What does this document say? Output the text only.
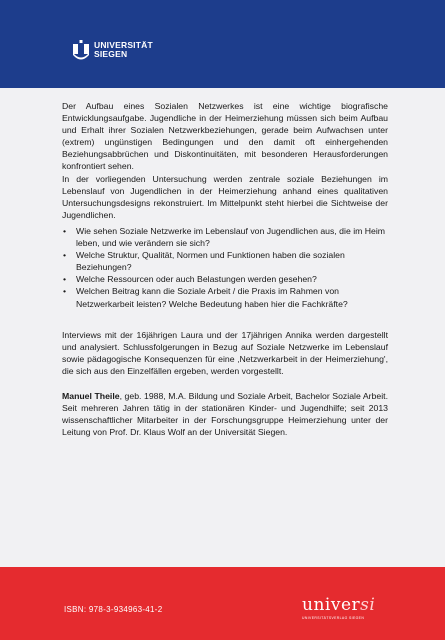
UNIVERSITÄT
SIEGEN

Der Aufbau eines Sozialen Netzwerkes ist eine wichtige biografische Entwicklungsaufgabe. Jugendliche in der Heimerziehung müssen sich beim Aufbau und Erhalt ihrer Sozialen Netzwerkbeziehungen, gerade beim Aufwachsen unter (extrem) ungünstigen Bedingungen und den damit oft einhergehenden Beziehungsabbrüchen und Diskontinuitäten, mit besonderen Herausforderungen konfrontiert sehen.

In der vorliegenden Untersuchung werden zentrale soziale Beziehungen im Lebenslauf von Jugendlichen in der Heimerziehung anhand eines qualitativen Untersuchungsdesigns rekonstruiert. Im Mittelpunkt steht hierbei die Sichtweise der Jugendlichen.

• Wie sehen Soziale Netzwerke im Lebenslauf von Jugendlichen aus, die im Heim leben, und wie verändern sie sich?
• Welche Struktur, Qualität, Normen und Funktionen haben die sozialen Beziehungen?
• Welche Ressourcen oder auch Belastungen werden gesehen?
• Welchen Beitrag kann die Soziale Arbeit / die Praxis im Rahmen von Netzwerkarbeit leisten? Welche Bedeutung haben hier die Fachkräfte?

Interviews mit der 16jährigen Laura und der 17jährigen Annika werden dargestellt und analysiert. Schlussfolgerungen in Bezug auf Soziale Netzwerke im Lebenslauf sowie pädagogische Konsequenzen für eine ‚Netzwerkarbeit in der Heimerziehung', die sich aus den Einzelfällen ergeben, werden vorgestellt.

Manuel Theile, geb. 1988, M.A. Bildung und Soziale Arbeit, Bachelor Soziale Arbeit. Seit mehreren Jahren tätig in der stationären Kinder- und Jugendhilfe; seit 2013 wissenschaftlicher Mitarbeiter in der Forschungsgruppe Heimerziehung unter der Leitung von Prof. Dr. Klaus Wolf an der Universität Siegen.

ISBN: 978-3-934963-41-2	universi
UNIVERSITÄTSVERLAG SIEGEN
